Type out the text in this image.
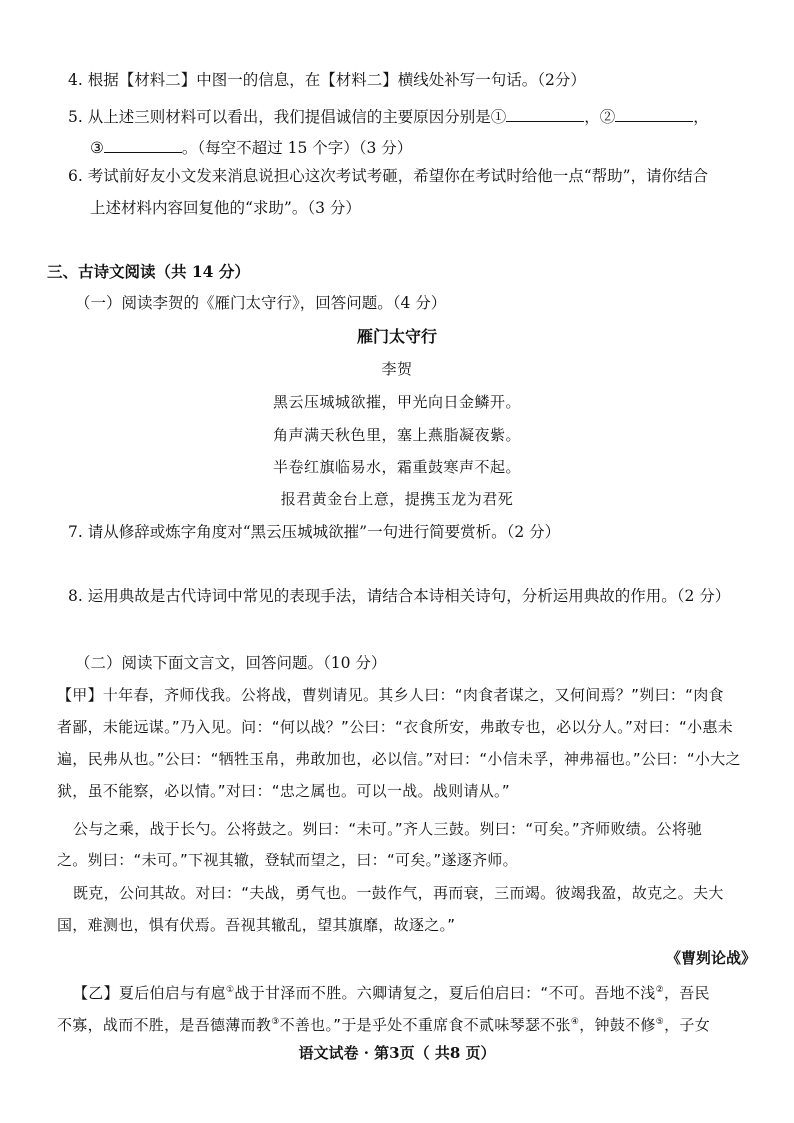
4. 根据【材料二】中图一的信息，在【材料二】横线处补写一句话。（2分）
5. 从上述三则材料可以看出，我们提倡诚信的主要原因分别是①	，②	，
③	。（每空不超过 15 个字）（3 分）
6. 考试前好友小文发来消息说担心这次考试考砸，希望你在考试时给他一点“帮助”，请你结合
上述材料内容回复他的“求助”。（3 分）
三、古诗文阅读（共 14 分）
（一）阅读李贺的《雁门太守行》，回答问题。（4 分）
雁门太守行
李贺
黑云压城城欲摧，甲光向日金鳞开。
角声满天秋色里，塞上燕脂凝夜紫。
半卷红旗临易水，霜重鼓寒声不起。
报君黄金台上意，提携玉龙为君死
7. 请从修辞或炼字角度对“黑云压城城欲摧”一句进行简要赏析。（2 分）
8. 运用典故是古代诗词中常见的表现手法，请结合本诗相关诗句，分析运用典故的作用。（2 分）
（二）阅读下面文言文，回答问题。（10 分）
【甲】十年春，齐师伐我。公将战，曹刿请见。其乡人曰：“肉食者谋之，又何间焉？”刿曰：“肉食
者鄙，未能远谋。”乃入见。问：“何以战？”公曰：“衣食所安，弗敢专也，必以分人。”对曰：“小惠未
遍，民弗从也。”公曰：“牺牲玉帛，弗敢加也，必以信。”对曰：“小信未孚，神弗福也。”公曰：“小大之
狱，虽不能察，必以情。”对曰：“忠之属也。可以一战。战则请从。”
公与之乘，战于长勺。公将鼓之。刿曰：“未可。”齐人三鼓。刿曰：“可矣。”齐师败绩。公将驰
之。刿曰：“未可。”下视其辙，登轼而望之，曰：“可矣。”遂逐齐师。
既克，公问其故。对曰：“夫战，勇气也。一鼓作气，再而衰，三而竭。彼竭我盈，故克之。夫大
国，难测也，惧有伏焉。吾视其辙乱，望其旗靡，故逐之。”
《曹刿论战》
【乙】夏后伯启与有扈①战于甘泽而不胜。六卿请复之，夏后伯启曰：“不可。吾地不浅②，吾民
不寡，战而不胜，是吾德薄而教③不善也。”于是乎处不重席食不贰味琴瑟不张④，钟鼓不修⑤，子女
语文试卷 · 第3页（ 共8 页）
